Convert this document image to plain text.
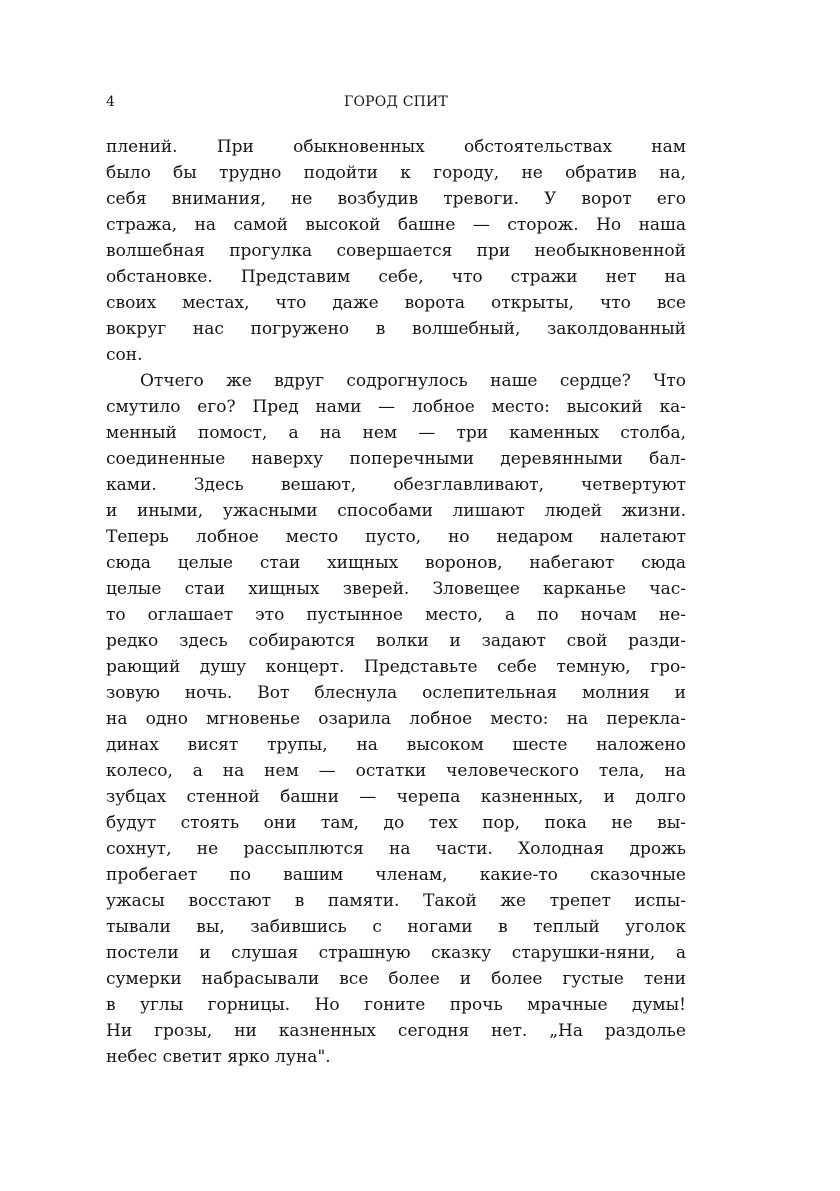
4	ГОРОД СПИТ
плений. При обыкновенных обстоятельствах нам
было бы трудно подойти к городу, не обратив на,
себя внимания, не возбудив тревоги. У ворот его
стража, на самой высокой башне — сторож. Но наша
волшебная прогулка совершается при необыкновенной
обстановке. Представим себе, что стражи нет на
своих местах, что даже ворота открыты, что все
вокруг нас погружено в волшебный, заколдованный
сон.
Отчего же вдруг содрогнулось наше сердце? Что
смутило его? Пред нами — лобное место: высокий ка-
менный помост, а на нем — три каменных столба,
соединенные наверху поперечными деревянными бал-
ками. Здесь вешают, обезглавливают, четвертуют
и иными, ужасными способами лишают людей жизни.
Теперь лобное место пусто, но недаром налетают
сюда целые стаи хищных воронов, набегают сюда
целые стаи хищных зверей. Зловещее карканье час-
то оглашает это пустынное место, а по ночам не-
редко здесь собираются волки и задают свой разди-
рающий душу концерт. Представьте себе темную, гро-
зовую ночь. Вот блеснула ослепительная молния и
на одно мгновенье озарила лобное место: на перекла-
динах висят трупы, на высоком шесте наложено
колесо, а на нем — остатки человеческого тела, на
зубцах стенной башни — черепа казненных, и долго
будут стоять они там, до тех пор, пока не вы-
сохнут, не рассыплются на части. Холодная дрожь
пробегает по вашим членам, какие-то сказочные
ужасы восстают в памяти. Такой же трепет испы-
тывали вы, забившись с ногами в теплый уголок
постели и слушая страшную сказку старушки-няни, а
сумерки набрасывали все более и более густые тени
в углы горницы. Но гоните прочь мрачные думы!
Ни грозы, ни казненных сегодня нет. „На раздолье
небес светит ярко луна".
